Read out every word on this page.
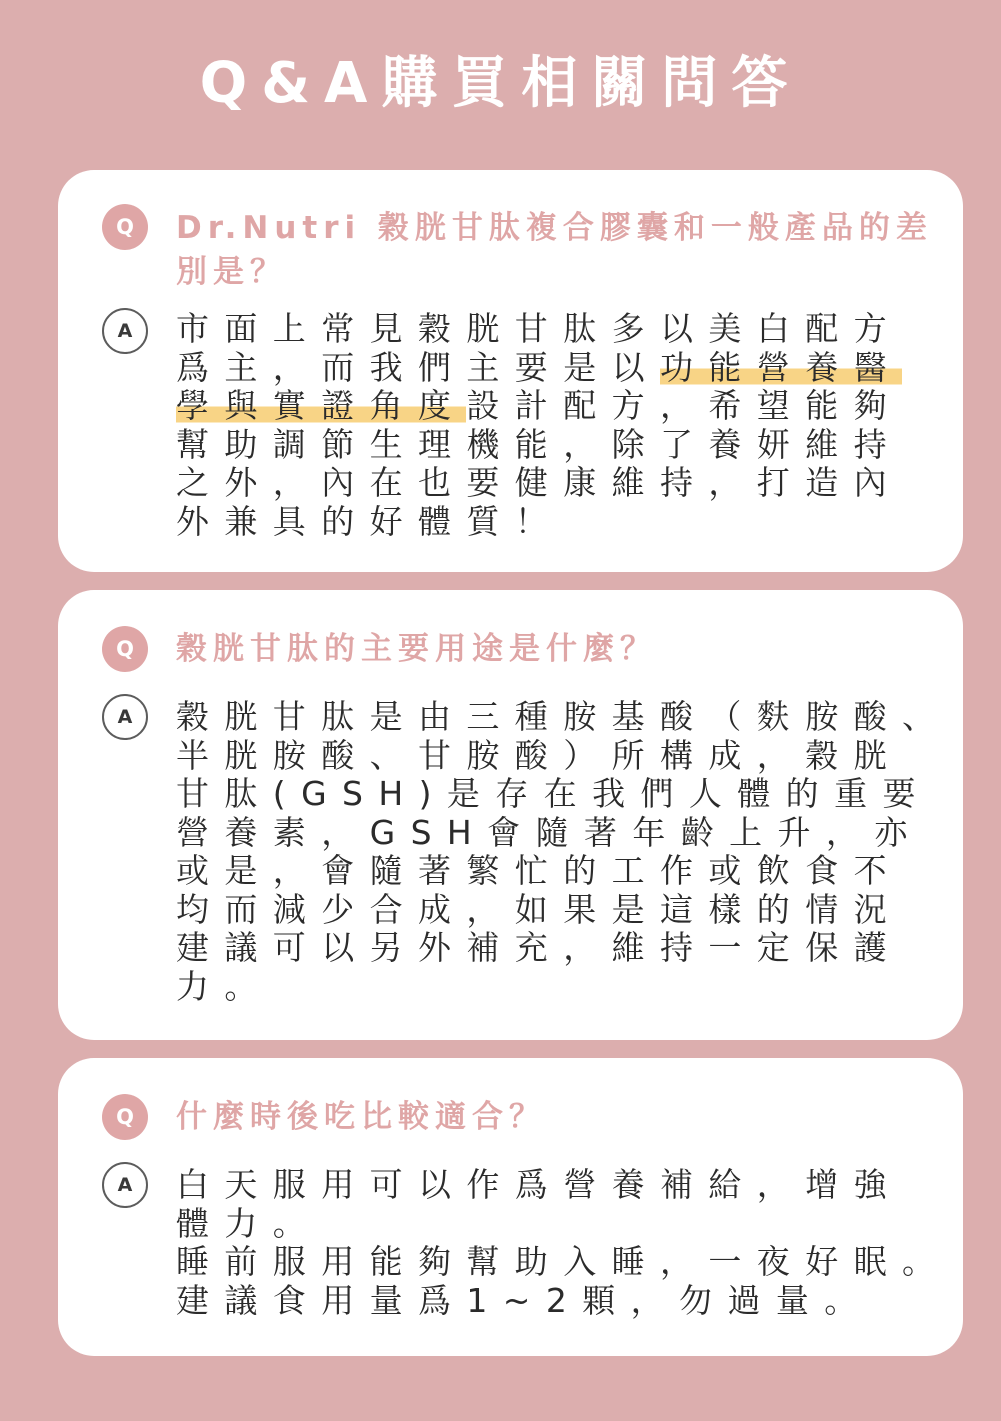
Q&A購買相關問答
Q	Dr.Nutri 穀胱甘肽複合膠囊和一般產品的差別是？
A	市面上常見穀胱甘肽多以美白配方
爲主，而我們主要是以功能營養醫
學與實證角度設計配方，希望能夠
幫助調節生理機能，除了養妍維持
之外，內在也要健康維持，打造內
外兼具的好體質！
Q	穀胱甘肽的主要用途是什麼？
A	穀胱甘肽是由三種胺基酸（麩胺酸、
半胱胺酸、甘胺酸）所構成，穀胱
甘肽(GSH)是存在我們人體的重要
營養素，GSH會隨著年齡上升，亦
或是，會隨著繁忙的工作或飲食不
均而減少合成，如果是這樣的情況
建議可以另外補充，維持一定保護
力。
Q	什麼時後吃比較適合？
A	白天服用可以作爲營養補給，增強
體力。
睡前服用能夠幫助入睡，一夜好眠。
建議食用量爲1~2顆，勿過量。
